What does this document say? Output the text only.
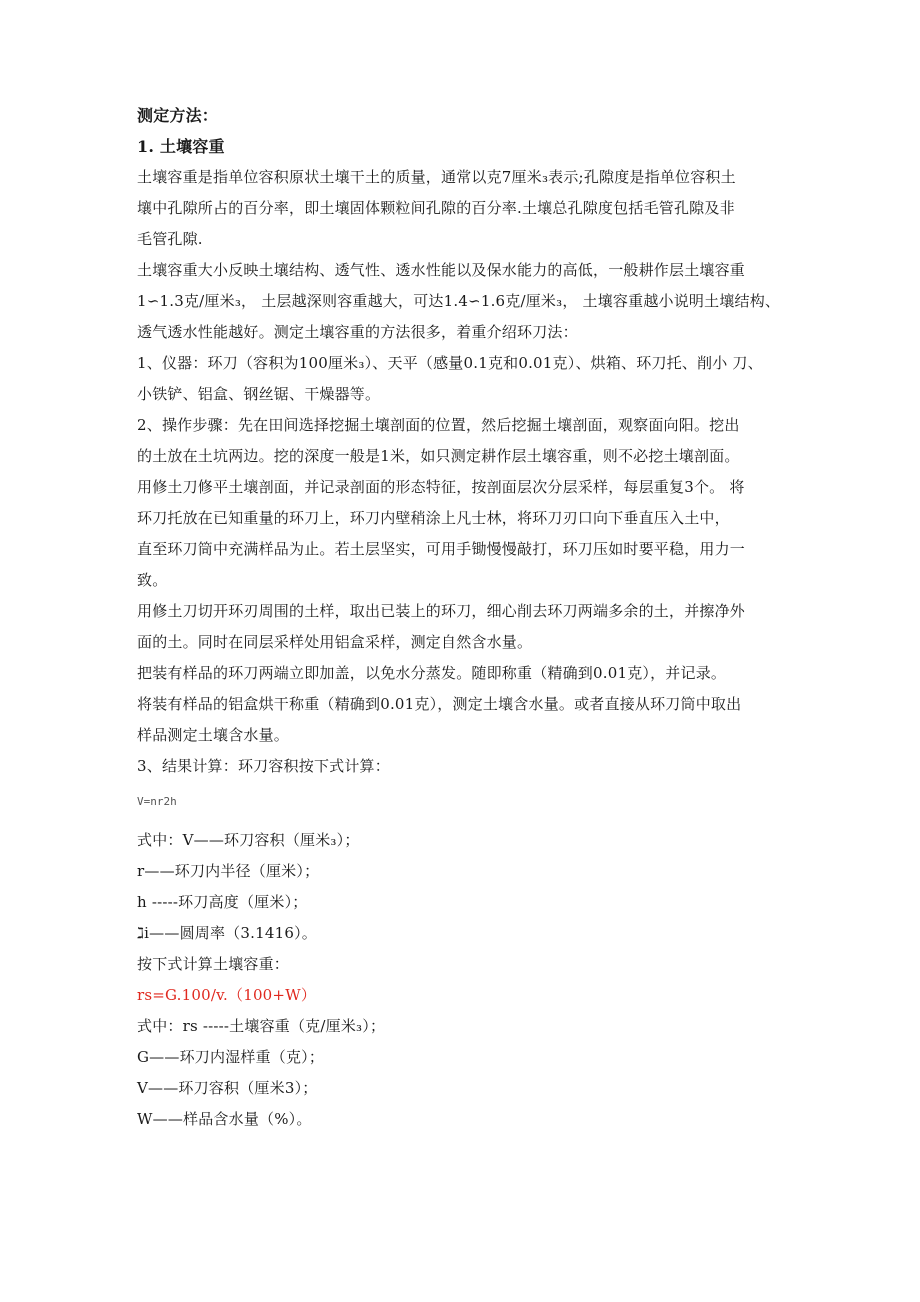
测定方法：
1. 土壤容重
土壤容重是指单位容积原状土壤干土的质量，通常以克7厘米₃表示;孔隙度是指单位容积土
壤中孔隙所占的百分率，即土壤固体颗粒间孔隙的百分率.土壤总孔隙度包括毛管孔隙及非
毛管孔隙.
土壤容重大小反映土壤结构、透气性、透水性能以及保水能力的高低，一般耕作层土壤容重
1∽1.3克/厘米₃， 土层越深则容重越大，可达1.4∽1.6克/厘米₃， 土壤容重越小说明土壤结构、
透气透水性能越好。测定土壤容重的方法很多，着重介绍环刀法：
1、仪器：环刀（容积为100厘米₃）、天平（感量0.1克和0.01克）、烘箱、环刀托、削小 刀、
小铁铲、铝盒、钢丝锯、干燥器等。
2、操作步骤：先在田间选择挖掘土壤剖面的位置，然后挖掘土壤剖面，观察面向阳。挖出
的土放在土坑两边。挖的深度一般是1米，如只测定耕作层土壤容重，则不必挖土壤剖面。
用修土刀修平土壤剖面，并记录剖面的形态特征，按剖面层次分层采样，每层重复3个。 将
环刀托放在已知重量的环刀上，环刀内壁稍涂上凡士林，将环刀刃口向下垂直压入土中，
直至环刀筒中充满样品为止。若土层坚实，可用手锄慢慢敲打，环刀压如时要平稳，用力一
致。
用修土刀切开环刃周围的土样，取出已装上的环刀，细心削去环刀两端多余的土，并擦净外
面的土。同时在同层采样处用铝盒采样，测定自然含水量。
把装有样品的环刀两端立即加盖，以免水分蒸发。随即称重（精确到0.01克），并记录。
将装有样品的铝盒烘干称重（精确到0.01克），测定土壤含水量。或者直接从环刀筒中取出
样品测定土壤含水量。
3、结果计算：环刀容积按下式计算：
V=nr2h
式中：V——环刀容积（厘米₃）；
r——环刀内半径（厘米）；
h -----环刀高度（厘米）；
ℷi——圆周率（3.1416）。
按下式计算土壤容重：
rs=G.100/v.（100+W）
式中：rs -----土壤容重（克/厘米₃）；
G——环刀内湿样重（克）；
V——环刀容积（厘米3）；
W——样品含水量（%）。
